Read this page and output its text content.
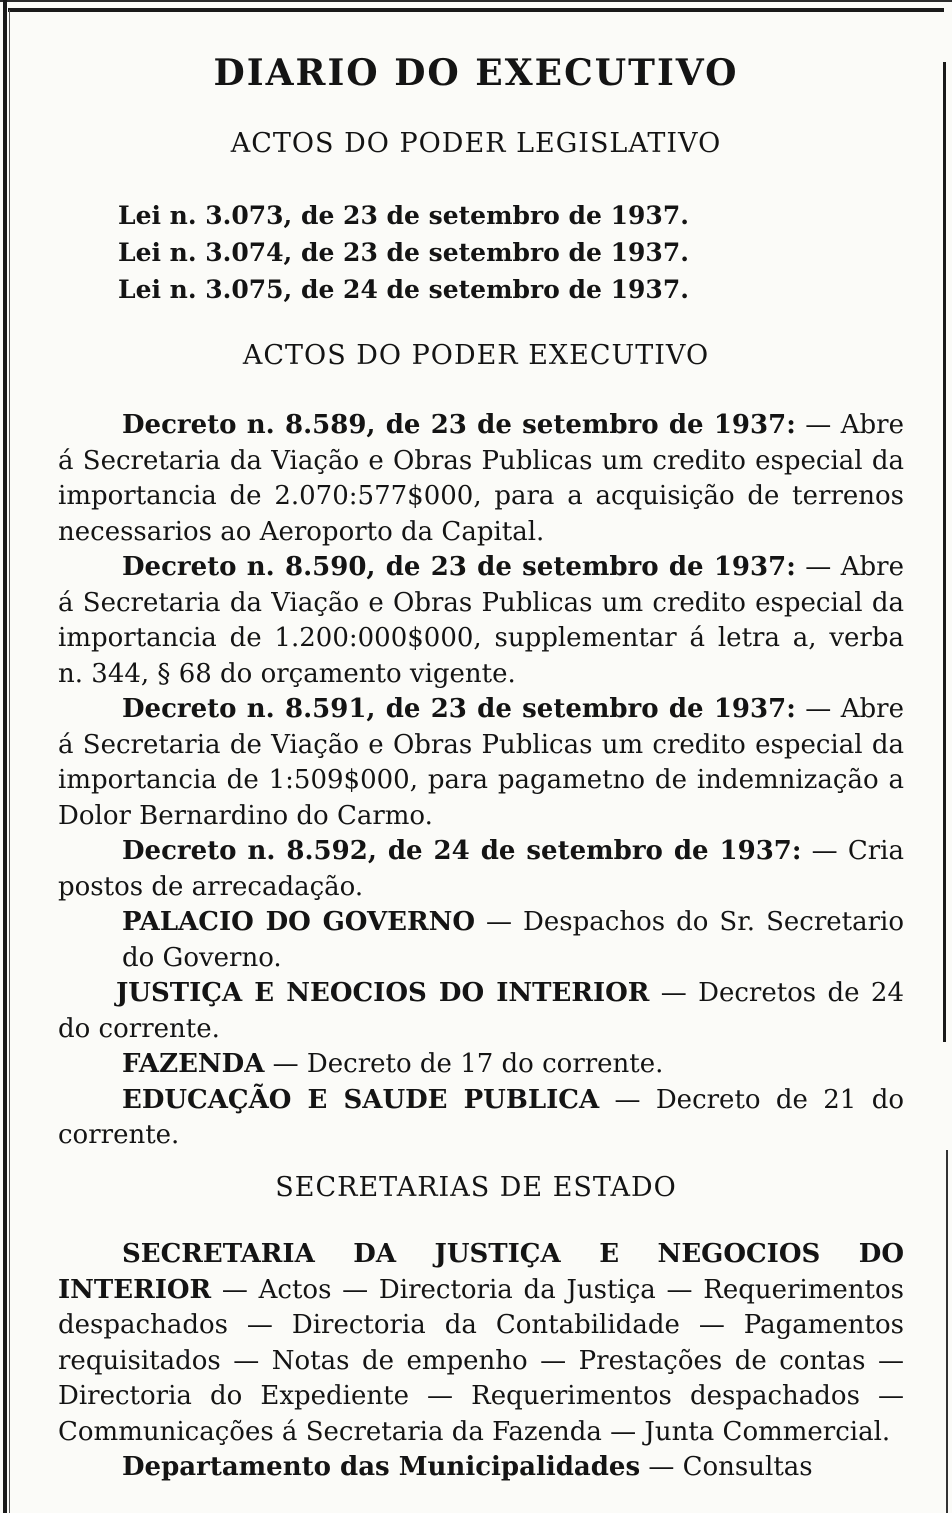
DIARIO DO EXECUTIVO
ACTOS DO PODER LEGISLATIVO
Lei n. 3.073, de 23 de setembro de 1937.
Lei n. 3.074, de 23 de setembro de 1937.
Lei n. 3.075, de 24 de setembro de 1937.
ACTOS DO PODER EXECUTIVO

Decreto n. 8.589, de 23 de setembro de 1937: — Abre á Secretaria da Viação e Obras Publicas um credito especial da importancia de 2.070:577$000, para a acquisição de terrenos necessarios ao Aeroporto da Capital.

Decreto n. 8.590, de 23 de setembro de 1937: — Abre á Secretaria da Viação e Obras Publicas um credito especial da importancia de 1.200:000$000, supplementar á letra a, verba n. 344, § 68 do orçamento vigente.

Decreto n. 8.591, de 23 de setembro de 1937: — Abre á Secretaria de Viação e Obras Publicas um credito especial da importancia de 1:509$000, para pagametno de indemnização a Dolor Bernardino do Carmo.

Decreto n. 8.592, de 24 de setembro de 1937: — Cria postos de arrecadação.

PALACIO DO GOVERNO — Despachos do Sr. Secretario do Governo.

JUSTIÇA E NEOCIOS DO INTERIOR — Decretos de 24 do corrente.

FAZENDA — Decreto de 17 do corrente.

EDUCAÇÃO E SAUDE PUBLICA — Decreto de 21 do corrente.

SECRETARIAS DE ESTADO

SECRETARIA DA JUSTIÇA E NEGOCIOS DO INTERIOR — Actos — Directoria da Justiça — Requerimentos despachados — Directoria da Contabilidade — Pagamentos requisitados — Notas de empenho — Prestações de contas — Directoria do Expediente — Requerimentos despachados — Communicações á Secretaria da Fazenda — Junta Commercial.

Departamento das Municipalidades — Consultas
